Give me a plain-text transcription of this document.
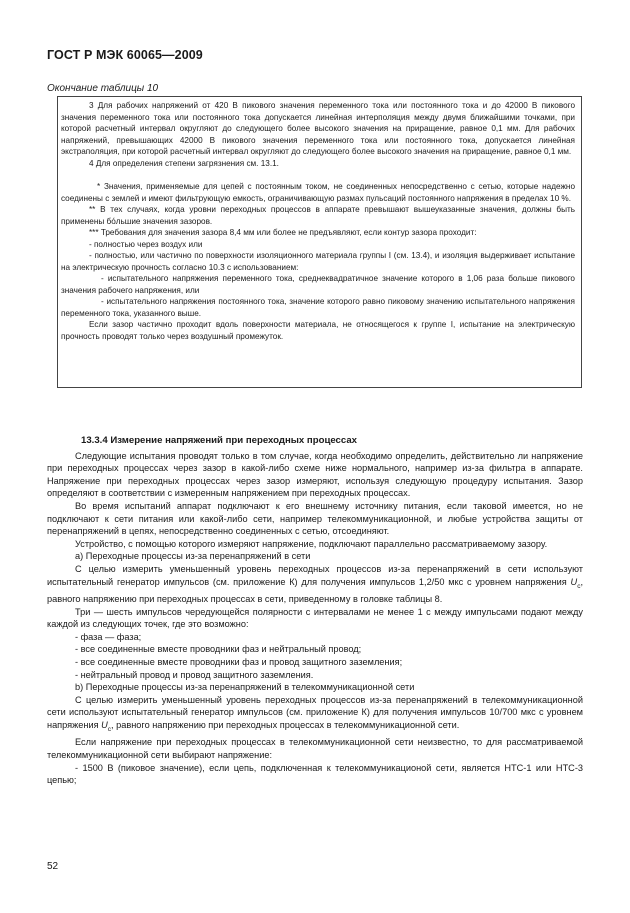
ГОСТ Р МЭК 60065—2009
Окончание таблицы 10

3 Для рабочих напряжений от 420 В пикового значения переменного тока или постоянного тока и до 42000 В пикового значения переменного тока или постоянного тока допускается линейная интерполяция между двумя ближайшими точками, при которой расчетный интервал округляют до следующего более высокого значения на приращение, равное 0,1 мм. Для рабочих напряжений, превышающих 42000 В пикового значения переменного тока или постоянного тока, допускается линейная экстраполяция, при которой расчетный интервал округляют до следующего более высокого значения на приращение, равное 0,1 мм.

4 Для определения степени загрязнения см. 13.1.

* Значения, применяемые для цепей с постоянным током, не соединенных непосредственно с сетью, которые надежно соединены с землей и имеют фильтрующую емкость, ограничивающую размах пульсаций постоянного напряжения в пределах 10 %.

** В тех случаях, когда уровни переходных процессов в аппарате превышают вышеуказанные значения, должны быть применены бо́льшие значения зазоров.

*** Требования для значения зазора 8,4 мм или более не предъявляют, если контур зазора проходит:

- полностью через воздух или

- полностью, или частично по поверхности изоляционного материала группы I (см. 13.4), и изоляция выдерживает испытание на электрическую прочность согласно 10.3 с использованием:

- испытательного напряжения переменного тока, среднеквадратичное значение которого в 1,06 раза больше пикового значения рабочего напряжения, или

- испытательного напряжения постоянного тока, значение которого равно пиковому значению испытательного напряжения переменного тока, указанного выше.

Если зазор частично проходит вдоль поверхности материала, не относящегося к группе I, испытание на электрическую прочность проводят только через воздушный промежуток.

13.3.4 Измерение напряжений при переходных процессах

Следующие испытания проводят только в том случае, когда необходимо определить, действительно ли напряжение при переходных процессах через зазор в какой-либо схеме ниже нормального, например из-за фильтра в аппарате. Напряжение при переходных процессах через зазор измеряют, используя следующую процедуру испытания. Зазор определяют в соответствии с измеренным напряжением при переходных процессах.

Во время испытаний аппарат подключают к его внешнему источнику питания, если таковой имеется, но не подключают к сети питания или какой-либо сети, например телекоммуникационной, и любые устройства защиты от перенапряжений в цепях, непосредственно соединенных с сетью, отсоединяют.

Устройство, с помощью которого измеряют напряжение, подключают параллельно рассматриваемому зазору.

а) Переходные процессы из-за перенапряжений в сети

С целью измерить уменьшенный уровень переходных процессов из-за перенапряжений в сети используют испытательный генератор импульсов (см. приложение К) для получения импульсов 1,2/50 мкс с уровнем напряжения $U_c$, равного напряжению при переходных процессах в сети, приведенному в головке таблицы 8.

Три — шесть импульсов чередующейся полярности с интервалами не менее 1 с между импульсами подают между каждой из следующих точек, где это возможно:

- фаза — фаза;

- все соединенные вместе проводники фаз и нейтральный провод;

- все соединенные вместе проводники фаз и провод защитного заземления;

- нейтральный провод и провод защитного заземления.

b) Переходные процессы из-за перенапряжений в телекоммуникационной сети

С целью измерить уменьшенный уровень переходных процессов из-за перенапряжений в телекоммуникационной сети используют испытательный генератор импульсов (см. приложение К) для получения импульсов 10/700 мкс с уровнем напряжения $U_c$, равного напряжению при переходных процессах в телекоммуникационной сети.

Если напряжение при переходных процессах в телекоммуникационной сети неизвестно, то для рассматриваемой телекоммуникационной сети выбирают напряжение:

- 1500 В (пиковое значение), если цепь, подключенная к телекоммуникационой сети, является НТС-1 или НТС-3 цепью;

52
